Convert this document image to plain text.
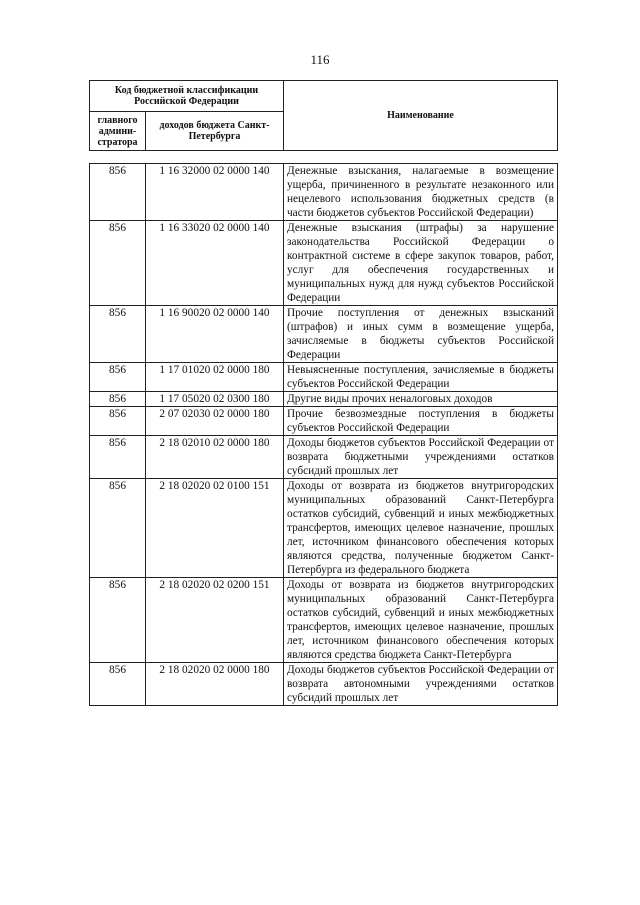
116
Код бюджетной классификации Российской Федерации		Наименование
главного админи-стратора	доходов бюджета Санкт-Петербурга	
856	1 16 32000 02 0000 140	Денежные взыскания, налагаемые в возмещение ущерба, причиненного в результате незаконного или нецелевого использования бюджетных средств (в части бюджетов субъектов Российской Федерации)
856	1 16 33020 02 0000 140	Денежные взыскания (штрафы) за нарушение законодательства Российской Федерации о контрактной системе в сфере закупок товаров, работ, услуг для обеспечения государственных и муниципальных нужд для нужд субъектов Российской Федерации
856	1 16 90020 02 0000 140	Прочие поступления от денежных взысканий (штрафов) и иных сумм в возмещение ущерба, зачисляемые в бюджеты субъектов Российской Федерации
856	1 17 01020 02 0000 180	Невыясненные поступления, зачисляемые в бюджеты субъектов Российской Федерации
856	1 17 05020 02 0300 180	Другие виды прочих неналоговых доходов
856	2 07 02030 02 0000 180	Прочие безвозмездные поступления в бюджеты субъектов Российской Федерации
856	2 18 02010 02 0000 180	Доходы бюджетов субъектов Российской Федерации от возврата бюджетными учреждениями остатков субсидий прошлых лет
856	2 18 02020 02 0100 151	Доходы от возврата из бюджетов внутригородских муниципальных образований Санкт-Петербурга остатков субсидий, субвенций и иных межбюджетных трансфертов, имеющих целевое назначение, прошлых лет, источником финансового обеспечения которых являются средства, полученные бюджетом Санкт-Петербурга из федерального бюджета
856	2 18 02020 02 0200 151	Доходы от возврата из бюджетов внутригородских муниципальных образований Санкт-Петербурга остатков субсидий, субвенций и иных межбюджетных трансфертов, имеющих целевое назначение, прошлых лет, источником финансового обеспечения которых являются средства бюджета Санкт-Петербурга
856	2 18 02020 02 0000 180	Доходы бюджетов субъектов Российской Федерации от возврата автономными учреждениями остатков субсидий прошлых лет
